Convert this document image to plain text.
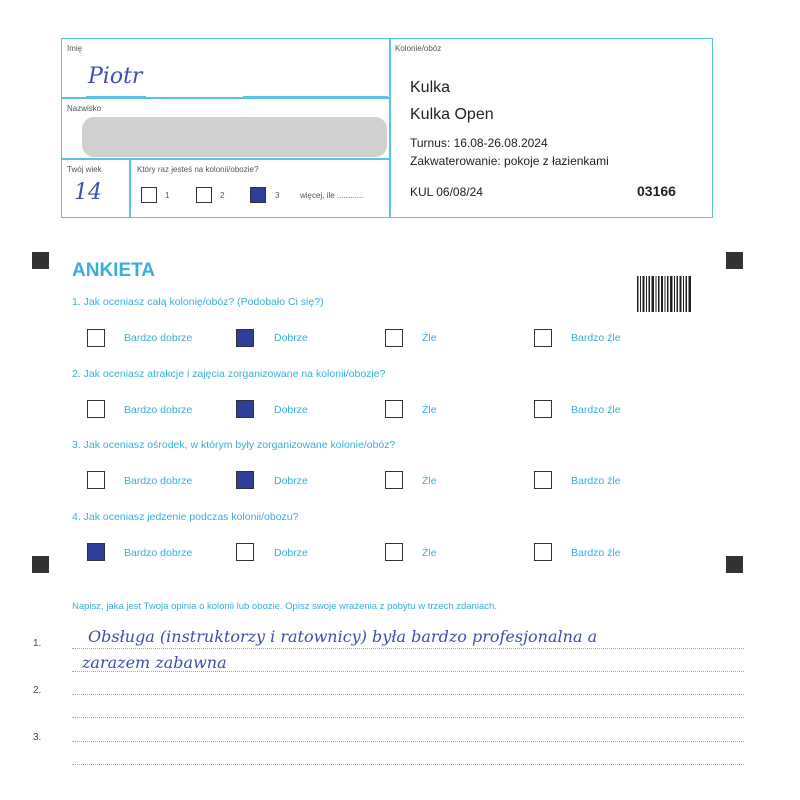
Imię
Piotr
Nazwisko
Twój wiek
14
Który raz jesteś na kolonii/obozie?
1	2	3	więcej, ile ............
Kolonie/obóz
Kulka
Kulka Open
Turnus: 16.08-26.08.2024
Zakwaterowanie: pokoje z łazienkami
KUL 06/08/24	03166
ANKIETA
1. Jak oceniasz całą kolonię/obóz? (Podobało Ci się?)
2. Jak oceniasz atrakcje i zajęcia zorganizowane na kolonii/obozie?
3. Jak oceniasz ośrodek, w którym były zorganizowane kolonie/obóz?
4. Jak oceniasz jedzenie podczas kolonii/obozu?
Bardzo dobrze	Dobrze	Źle	Bardzo źle
Bardzo dobrze	Dobrze	Źle	Bardzo źle
Bardzo dobrze	Dobrze	Źle	Bardzo źle
Bardzo dobrze	Dobrze	Źle	Bardzo źle
Napisz, jaka jest Twoja opinia o kolonii lub obozie. Opisz swoje wrażenia z pobytu w trzech zdaniach.
1.
2.
3.
Obsługa (instruktorzy i ratownicy) była bardzo profesjonalna a
zarazem zabawna
